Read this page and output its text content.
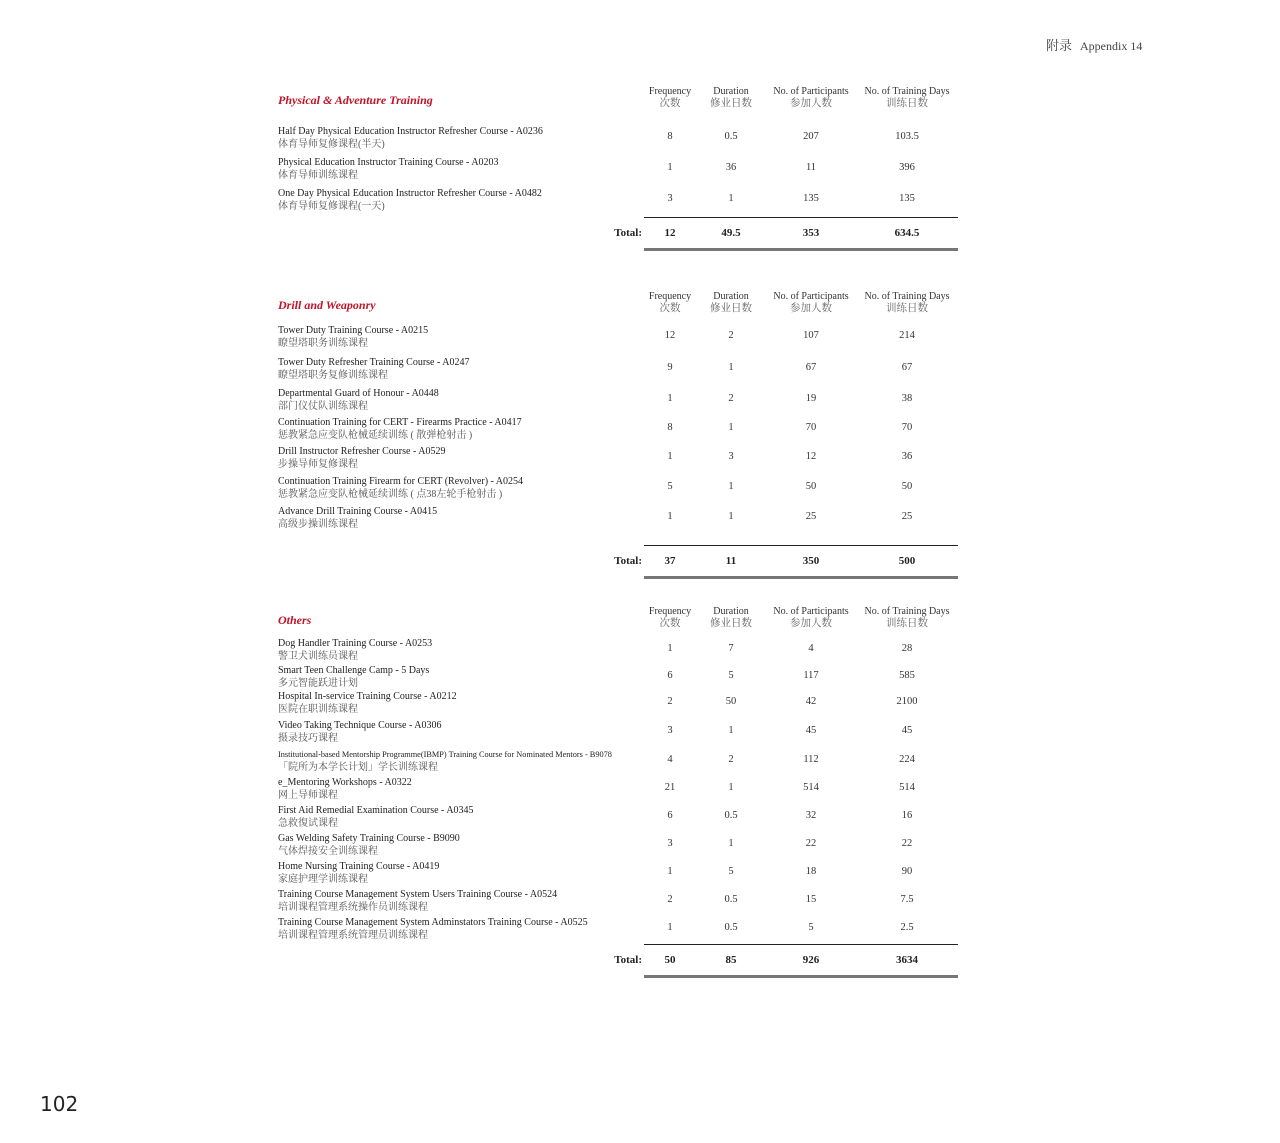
附录 Appendix 14
Physical & Adventure Training
Frequency
次数
Duration
修业日数
No. of Participants
参加人数
No. of Training Days
训练日数
Half Day Physical Education Instructor Refresher Course - A0236
体育导师复修课程(半天)
8	0.5	207	103.5
Physical Education Instructor Training Course - A0203
体育导师训练课程
1	36	11	396
One Day Physical Education Instructor Refresher Course - A0482
体育导师复修课程(一天)
3	1	135	135
Total:	12	49.5	353	634.5
Drill and Weaponry
Frequency
次数
Duration
修业日数
No. of Participants
参加人数
No. of Training Days
训练日数
Tower Duty Training Course - A0215
瞭望塔职务训练课程
12	2	107	214
Tower Duty Refresher Training Course - A0247
瞭望塔职务复修训练课程
9	1	67	67
Departmental Guard of Honour - A0448
部门仪仗队训练课程
1	2	19	38
Continuation Training for CERT - Firearms Practice - A0417
惩教紧急应变队枪械延续训练 ( 散弹枪射击 )
8	1	70	70
Drill Instructor Refresher Course - A0529
步操导师复修课程
1	3	12	36
Continuation Training Firearm for CERT (Revolver) - A0254
惩教紧急应变队枪械延续训练 ( 点38左轮手枪射击 )
5	1	50	50
Advance Drill Training Course - A0415
高级步操训练课程
1	1	25	25
Total:	37	11	350	500
Others
Frequency
次数
Duration
修业日数
No. of Participants
参加人数
No. of Training Days
训练日数
Dog Handler Training Course - A0253
警卫犬训练员课程
1	7	4	28
Smart Teen Challenge Camp - 5 Days
多元智能跃进计划
6	5	117	585
Hospital In-service Training Course - A0212
医院在职训练课程
2	50	42	2100
Video Taking Technique Course - A0306
摄录技巧课程
3	1	45	45
Institutional-based Mentorship Programme(IBMP) Training Course for Nominated Mentors - B9078
「院所为本学长计划」学长训练课程
4	2	112	224
e_Mentoring Workshops - A0322
网上导师课程
21	1	514	514
First Aid Remedial Examination Course - A0345
急救復试课程
6	0.5	32	16
Gas Welding Safety Training Course - B9090
气体焊接安全训练课程
3	1	22	22
Home Nursing Training Course - A0419
家庭护理学训练课程
1	5	18	90
Training Course Management System Users Training Course - A0524
培训课程管理系统操作员训练课程
2	0.5	15	7.5
Training Course Management System Adminstators Training Course - A0525
培训课程管理系统管理员训练课程
1	0.5	5	2.5
Total:	50	85	926	3634
102
